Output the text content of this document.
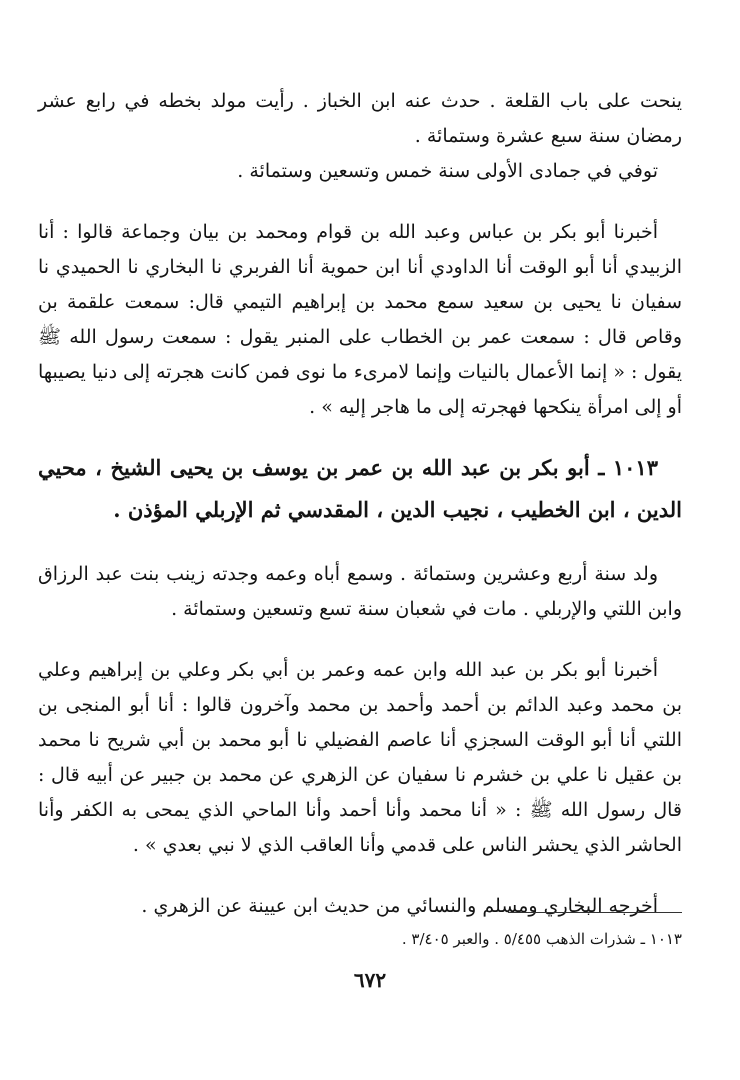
ينحت على باب القلعة . حدث عنه ابن الخباز . رأيت مولد بخطه في رابع عشر رمضان سنة سبع عشرة وستمائة .

توفي في جمادى الأولى سنة خمس وتسعين وستمائة .

أخبرنا أبو بكر بن عباس وعبد الله بن قوام ومحمد بن بيان وجماعة قالوا : أنا الزبيدي أنا أبو الوقت أنا الداودي أنا ابن حموية أنا الفربري نا البخاري نا الحميدي نا سفيان نا يحيى بن سعيد سمع محمد بن إبراهيم التيمي قال: سمعت علقمة بن وقاص قال : سمعت عمر بن الخطاب على المنبر يقول : سمعت رسول الله ﷺ يقول : « إنما الأعمال بالنيات وإنما لامرىء ما نوى فمن كانت هجرته إلى دنيا يصيبها أو إلى امرأة ينكحها فهجرته إلى ما هاجر إليه » .

١٠١٣ ـ أبو بكر بن عبد الله بن عمر بن يوسف بن يحيى الشيخ ، محيي الدين ، ابن الخطيب ، نجيب الدين ، المقدسي ثم الإربلي المؤذن .

ولد سنة أربع وعشرين وستمائة . وسمع أباه وعمه وجدته زينب بنت عبد الرزاق وابن اللتي والإربلي . مات في شعبان سنة تسع وتسعين وستمائة .

أخبرنا أبو بكر بن عبد الله وابن عمه وعمر بن أبي بكر وعلي بن إبراهيم وعلي بن محمد وعبد الدائم بن أحمد وأحمد بن محمد وآخرون قالوا : أنا أبو المنجى بن اللتي أنا أبو الوقت السجزي أنا عاصم الفضيلي نا أبو محمد بن أبي شريح نا محمد بن عقيل نا علي بن خشرم نا سفيان عن الزهري عن محمد بن جبير عن أبيه قال : قال رسول الله ﷺ : « أنا محمد وأنا أحمد وأنا الماحي الذي يمحى به الكفر وأنا الحاشر الذي يحشر الناس على قدمي وأنا العاقب الذي لا نبي بعدي » .

أخرجه البخاري ومسلم والنسائي من حديث ابن عيينة عن الزهري .

١٠١٣ ـ شذرات الذهب ٥/٤٥٥ . والعبر ٣/٤٠٥ .
٦٧٢
